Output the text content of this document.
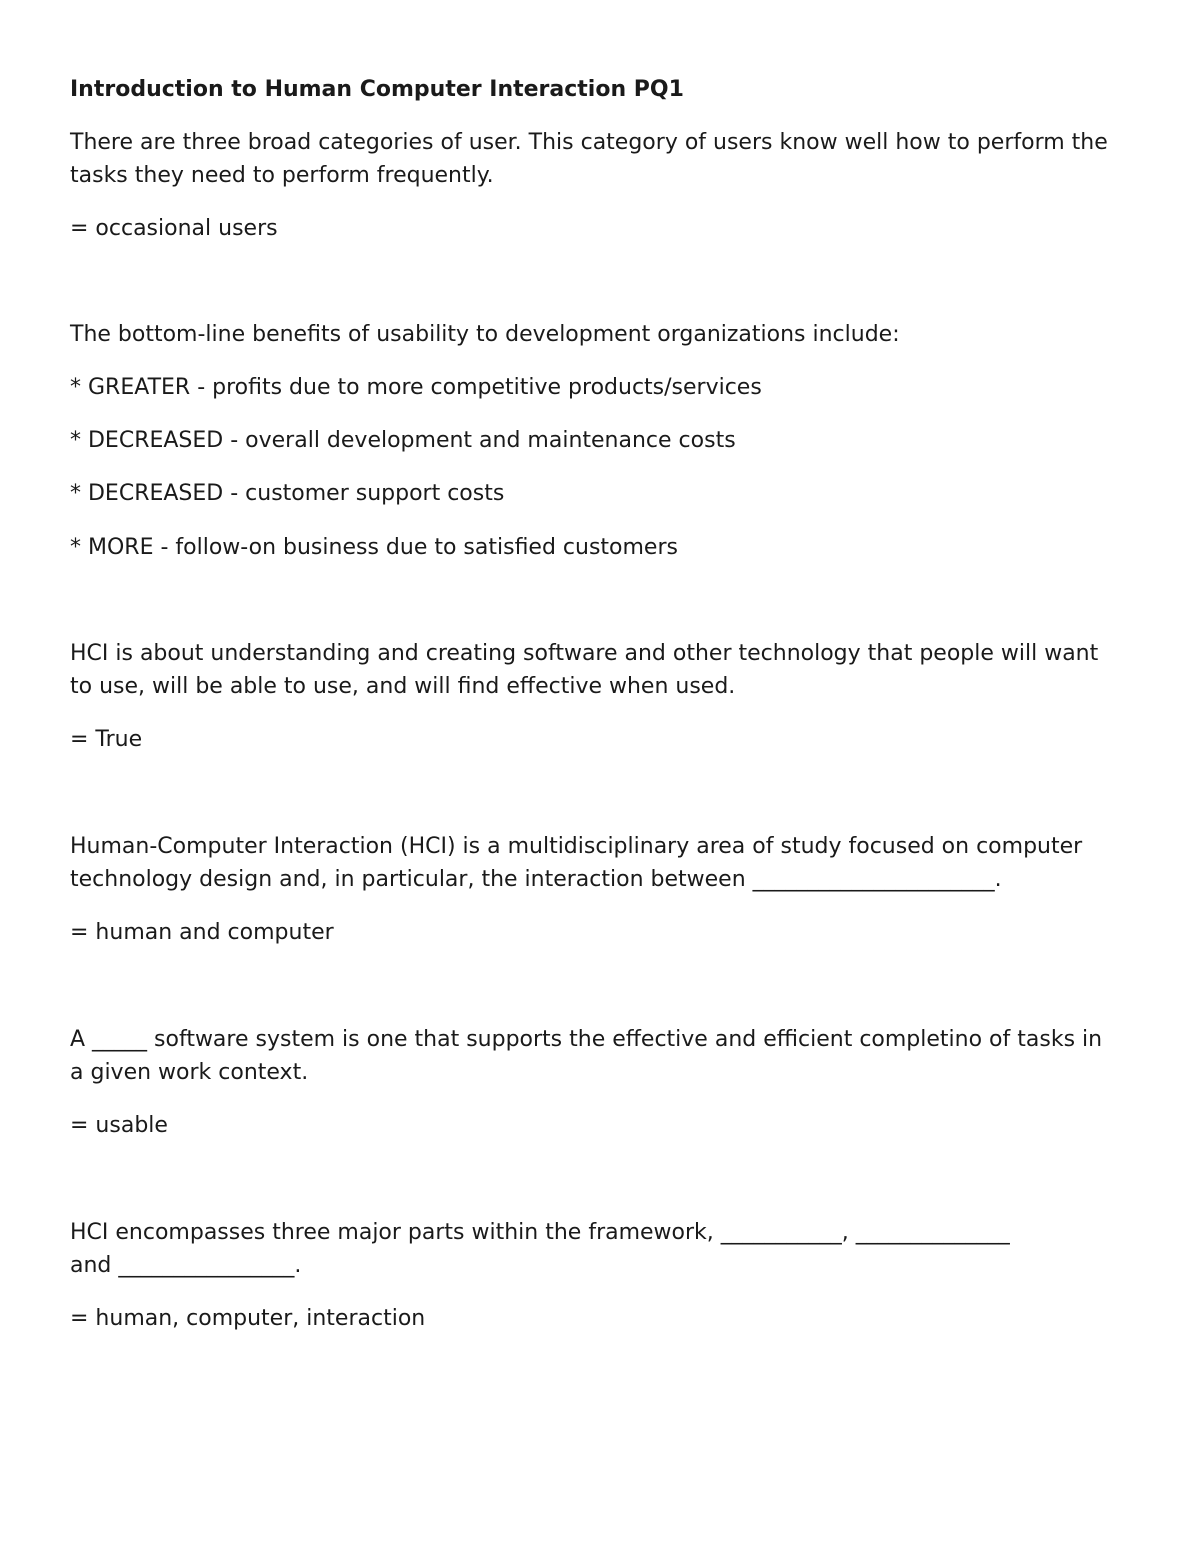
Introduction to Human Computer Interaction PQ1
There are three broad categories of user. This category of users know well how to perform the
tasks they need to perform frequently.
= occasional users
The bottom-line benefits of usability to development organizations include:
* GREATER - profits due to more competitive products/services
* DECREASED - overall development and maintenance costs
* DECREASED - customer support costs
* MORE - follow-on business due to satisfied customers
HCI is about understanding and creating software and other technology that people will want
to use, will be able to use, and will find effective when used.
= True
Human-Computer Interaction (HCI) is a multidisciplinary area of study focused on computer
technology design and, in particular, the interaction between ______________________.
= human and computer
A _____ software system is one that supports the effective and efficient completino of tasks in
a given work context.
= usable
HCI encompasses three major parts within the framework, ___________, ______________
and ________________.
= human, computer, interaction
